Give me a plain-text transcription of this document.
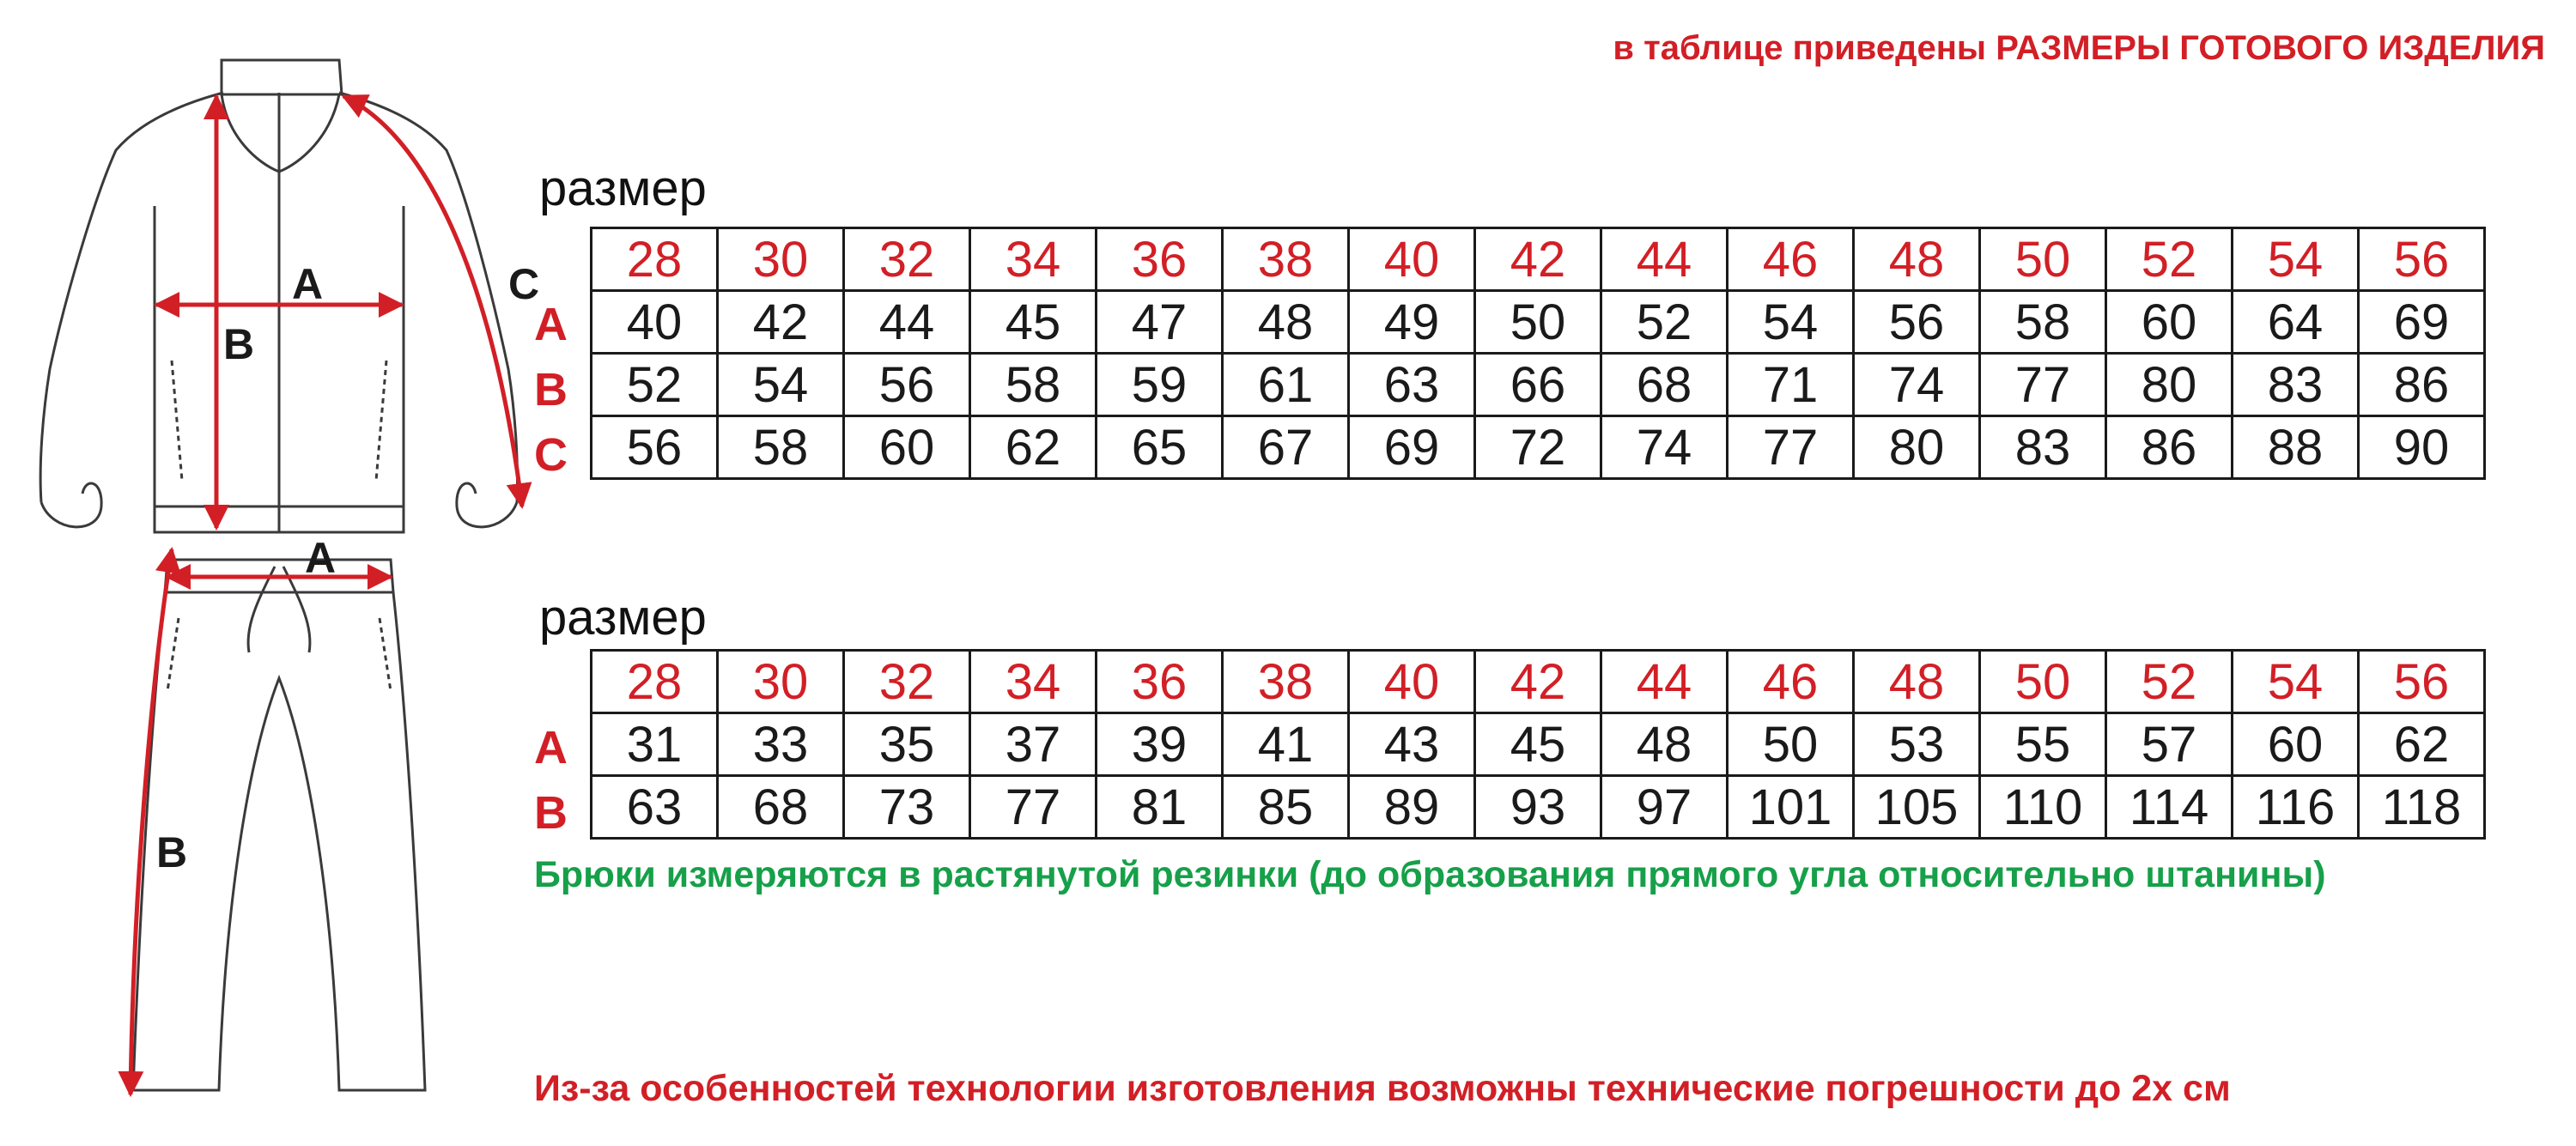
в таблице приведены РАЗМЕРЫ ГОТОВОГО ИЗДЕЛИЯ
A
B
C
A
B
размер
A
B
C
28	30	32	34	36	38	40	42	44	46	48	50	52	54	56
40	42	44	45	47	48	49	50	52	54	56	58	60	64	69
52	54	56	58	59	61	63	66	68	71	74	77	80	83	86
56	58	60	62	65	67	69	72	74	77	80	83	86	88	90
размер
A
B
28	30	32	34	36	38	40	42	44	46	48	50	52	54	56
31	33	35	37	39	41	43	45	48	50	53	55	57	60	62
63	68	73	77	81	85	89	93	97	101	105	110	114	116	118
Брюки измеряются в растянутой резинки (до образования прямого угла относительно штанины)
Из-за особенностей технологии изготовления возможны технические погрешности до 2х см
